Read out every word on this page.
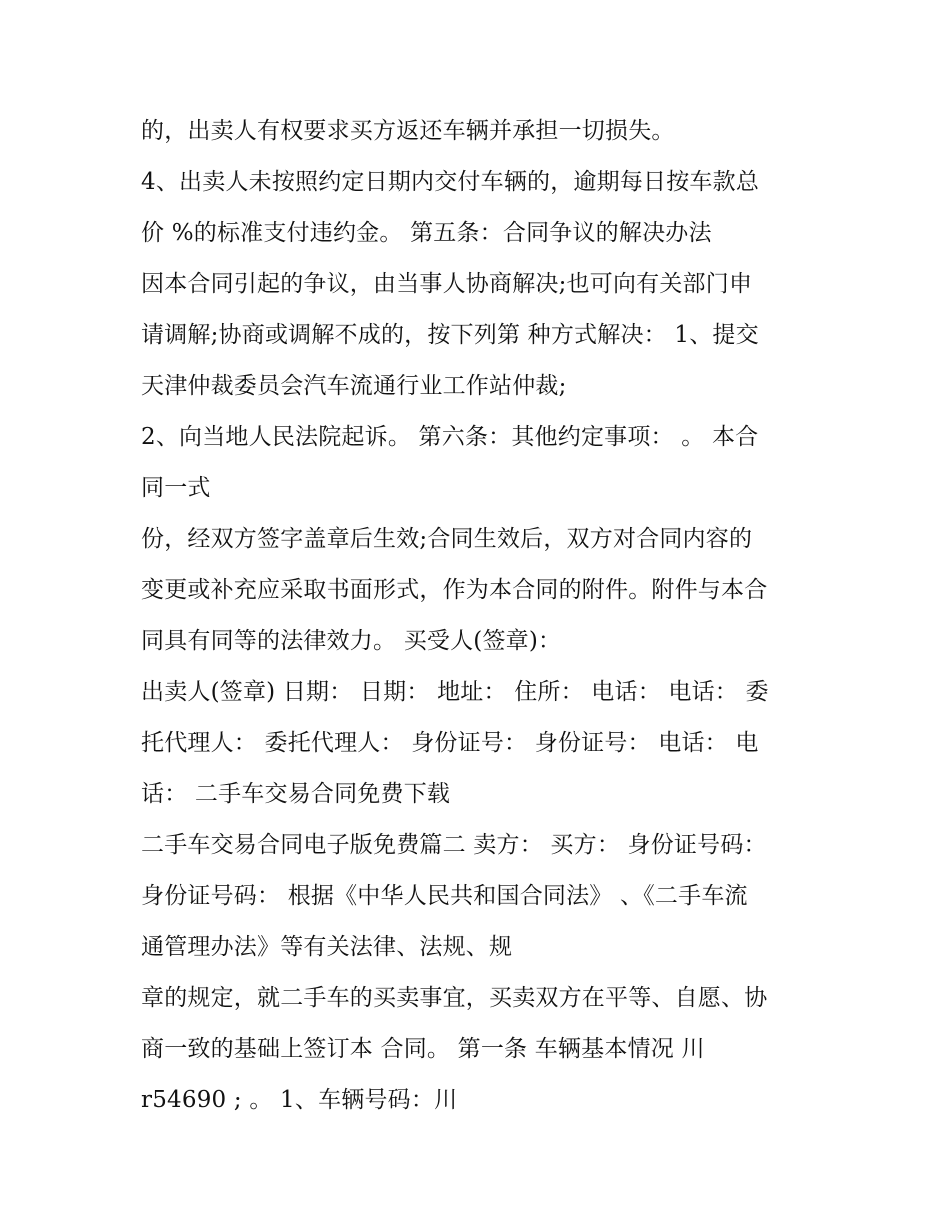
的，出卖人有权要求买方返还车辆并承担一切损失。
4、出卖人未按照约定日期内交付车辆的，逾期每日按车款总
价 %的标准支付违约金。 第五条：合同争议的解决办法
因本合同引起的争议，由当事人协商解决;也可向有关部门申
请调解;协商或调解不成的，按下列第 种方式解决： 1、提交
天津仲裁委员会汽车流通行业工作站仲裁;
2、向当地人民法院起诉。 第六条：其他约定事项： 。 本合
同一式
份，经双方签字盖章后生效;合同生效后，双方对合同内容的
变更或补充应采取书面形式，作为本合同的附件。附件与本合
同具有同等的法律效力。 买受人(签章)：
出卖人(签章) 日期： 日期： 地址： 住所： 电话： 电话： 委
托代理人： 委托代理人： 身份证号： 身份证号： 电话： 电
话： 二手车交易合同免费下载
二手车交易合同电子版免费篇二 卖方： 买方： 身份证号码：
身份证号码： 根据《中华人民共和国合同法》 、《二手车流
通管理办法》等有关法律、法规、规
章的规定，就二手车的买卖事宜，买卖双方在平等、自愿、协
商一致的基础上签订本 合同。 第一条 车辆基本情况 川
r54690 ; 。 1、车辆号码：川
